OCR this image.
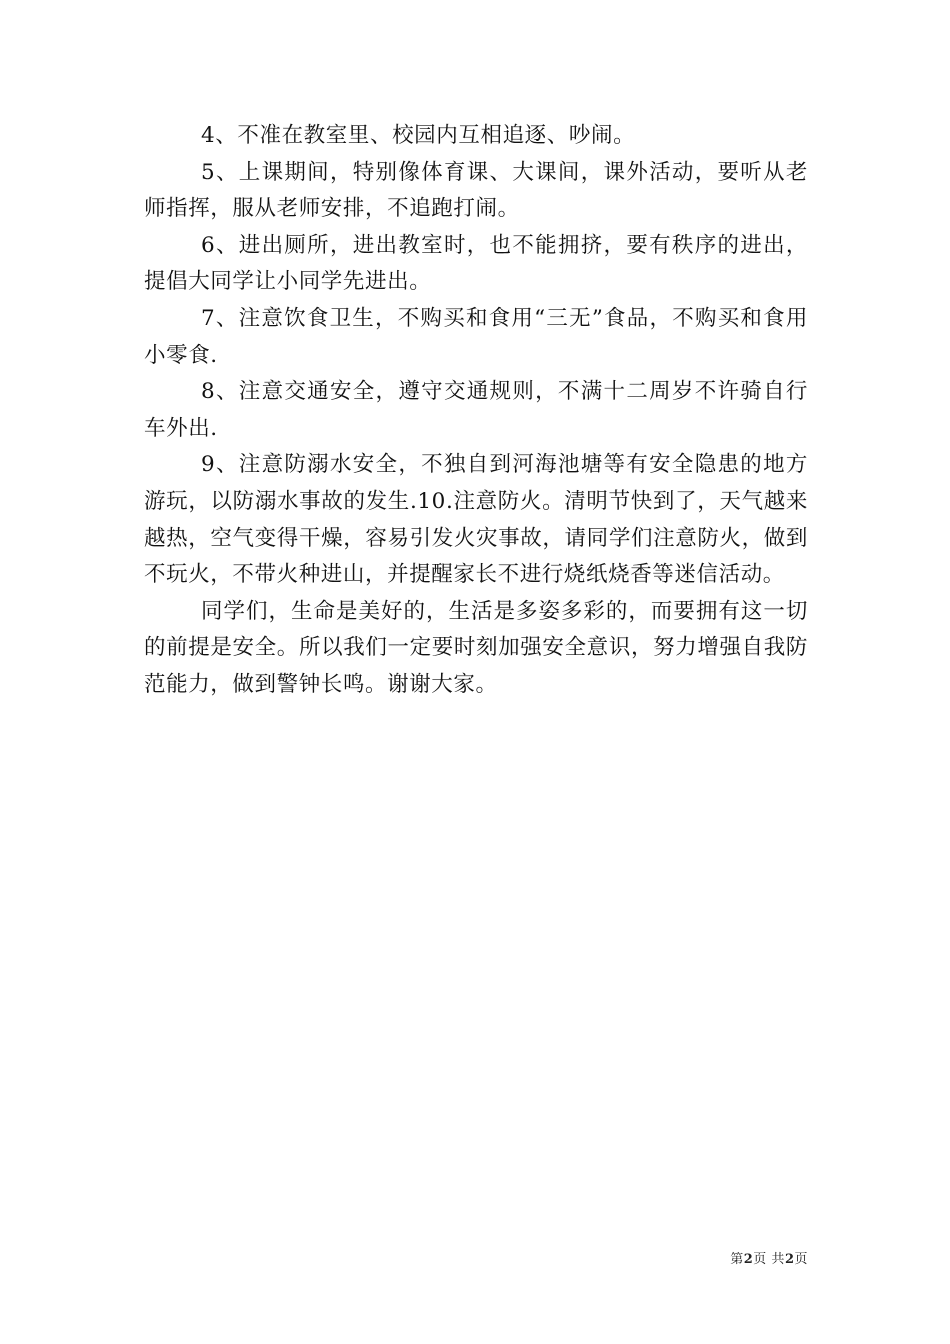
4、不准在教室里、校园内互相追逐、吵闹。

5、上课期间，特别像体育课、大课间，课外活动，要听从老师指挥，服从老师安排，不追跑打闹。

6、进出厕所，进出教室时，也不能拥挤，要有秩序的进出，提倡大同学让小同学先进出。

7、注意饮食卫生，不购买和食用“三无”食品，不购买和食用小零食.

8、注意交通安全，遵守交通规则，不满十二周岁不许骑自行车外出.

9、注意防溺水安全，不独自到河海池塘等有安全隐患的地方游玩，以防溺水事故的发生.10.注意防火。清明节快到了，天气越来越热，空气变得干燥，容易引发火灾事故，请同学们注意防火，做到不玩火，不带火种进山，并提醒家长不进行烧纸烧香等迷信活动。

同学们，生命是美好的，生活是多姿多彩的，而要拥有这一切的前提是安全。所以我们一定要时刻加强安全意识，努力增强自我防范能力，做到警钟长鸣。谢谢大家。

第2页 共2页
